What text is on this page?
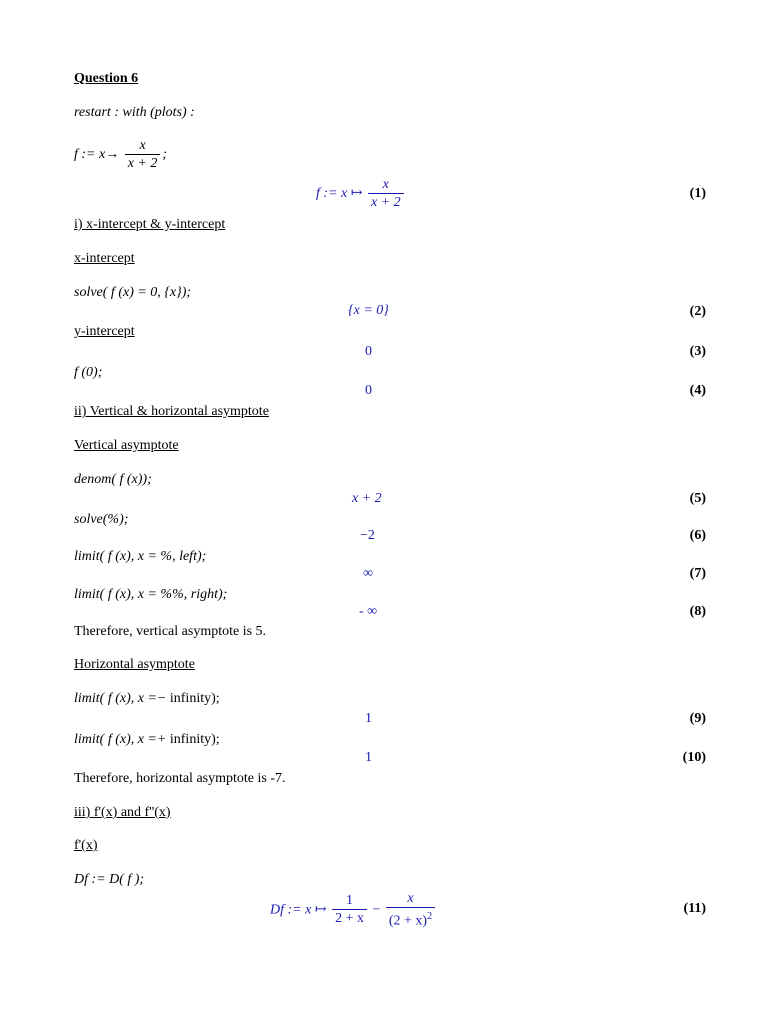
Question 6
restart : with (plots) :
f := $x\to \frac{x}{x + 2}$ ;
f := x ↦ $\frac{x}{x + 2}$	(1)
i) x-intercept & y-intercept
x-intercept
solve( f (x) = 0, {x});
{x = 0}	(2)
y-intercept
0	(3)
f (0);
0	(4)
ii) Vertical & horizontal asymptote
Vertical asymptote
denom( f (x));
x + 2	(5)
solve(%);
−2	(6)
limit( f (x), x = %, left);
∞	(7)
limit( f (x), x = %%, right);
- ∞	(8)
Therefore, vertical asymptote is 5.
Horizontal asymptote
limit( f (x), x =− infinity);
1	(9)
limit( f (x), x =+ infinity);
1	(10)
Therefore, horizontal asymptote is -7.
iii) f'(x) and f''(x)
f'(x)
Df := D( f );
Df := x ↦ $\frac{1}{2 + x} - \frac{x}{(2 + x)^2}$	(11)
